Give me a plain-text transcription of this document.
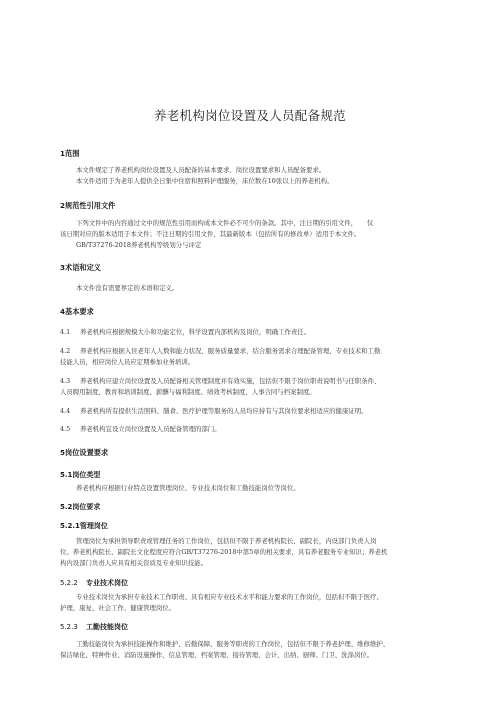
养老机构岗位设置及人员配备规范
1范围
本文件规定了养老机构岗位设置及人员配备的基本要求、岗位设置要求和人员配备要求。
本文件适用于为老年人提供全日集中住宿和照料护理服务，床位数在10张以上的养老机构。
2规范性引用文件
下列文件中的内容通过文中的规范性引用而构成本文件必不可少的条款。其中，注日期的引用文件，　　仅
该日期对应的版本适用于本文件；不注日期的引用文件，其最新版本（包括所有的修改单）适用于本文件。
GB/T37276-2018养老机构等级划分与评定
3术语和定义
本文件没有需要界定的术语和定义。
4基本要求
4.1 养老机构应根据规模大小和功能定位，科学设置内部机构及岗位，明确工作责任。
4.2 养老机构应根据入住老年人人数和能力状况、服务质量要求，结合服务需求合理配备管理、专业技术和工勤
技能人员，相应岗位人员应定期参加业务培训。
4.3 养老机构应建立岗位设置及人员配备相关管理制度并有效实施，包括但不限于岗位职责说明书与任职条件、
人员聘用制度、教育和培训制度、薪酬与福利制度、绩效考核制度、人事合同与档案制度。
4.4 养老机构所有提供生活照料、膳食、医疗护理等服务的人员均应持有与其岗位要求相适应的健康证明。
4.5 养老机构宜设立岗位设置及人员配备管理的部门。
5岗位设置要求
5.1岗位类型
养老机构应根据行业特点设置管理岗位、专业技术岗位和工勤技能岗位等岗位。
5.2岗位要求
5.2.1管理岗位
管理岗位为承担领导职责或管理任务的工作岗位，包括但不限于养老机构院长、副院长，内设部门负责人岗
位。养老机构院长、副院长文化程度应符合GB/T37276-2018中第5章的相关要求，具有养老服务专业知识；养老机
构内设部门负责人应具有相关资质及专业知识技能。
5.2.2 专业技术岗位
专业技术岗位为承担专业技术工作职责、具有相应专业技术水平和能力要求的工作岗位，包括但不限于医疗、
护理、康复、社会工作、健康管理岗位。
5.2.3 工勤技能岗位
工勤技能岗位为承担技能操作和维护、后勤保障、服务等职责的工作岗位，包括但不限于养老护理、维修维护、
保洁绿化、特种作业、消防设施操作、信息管理、档案管理、接待管理、会计、出纳、厨师、门卫、洗涤岗位。
